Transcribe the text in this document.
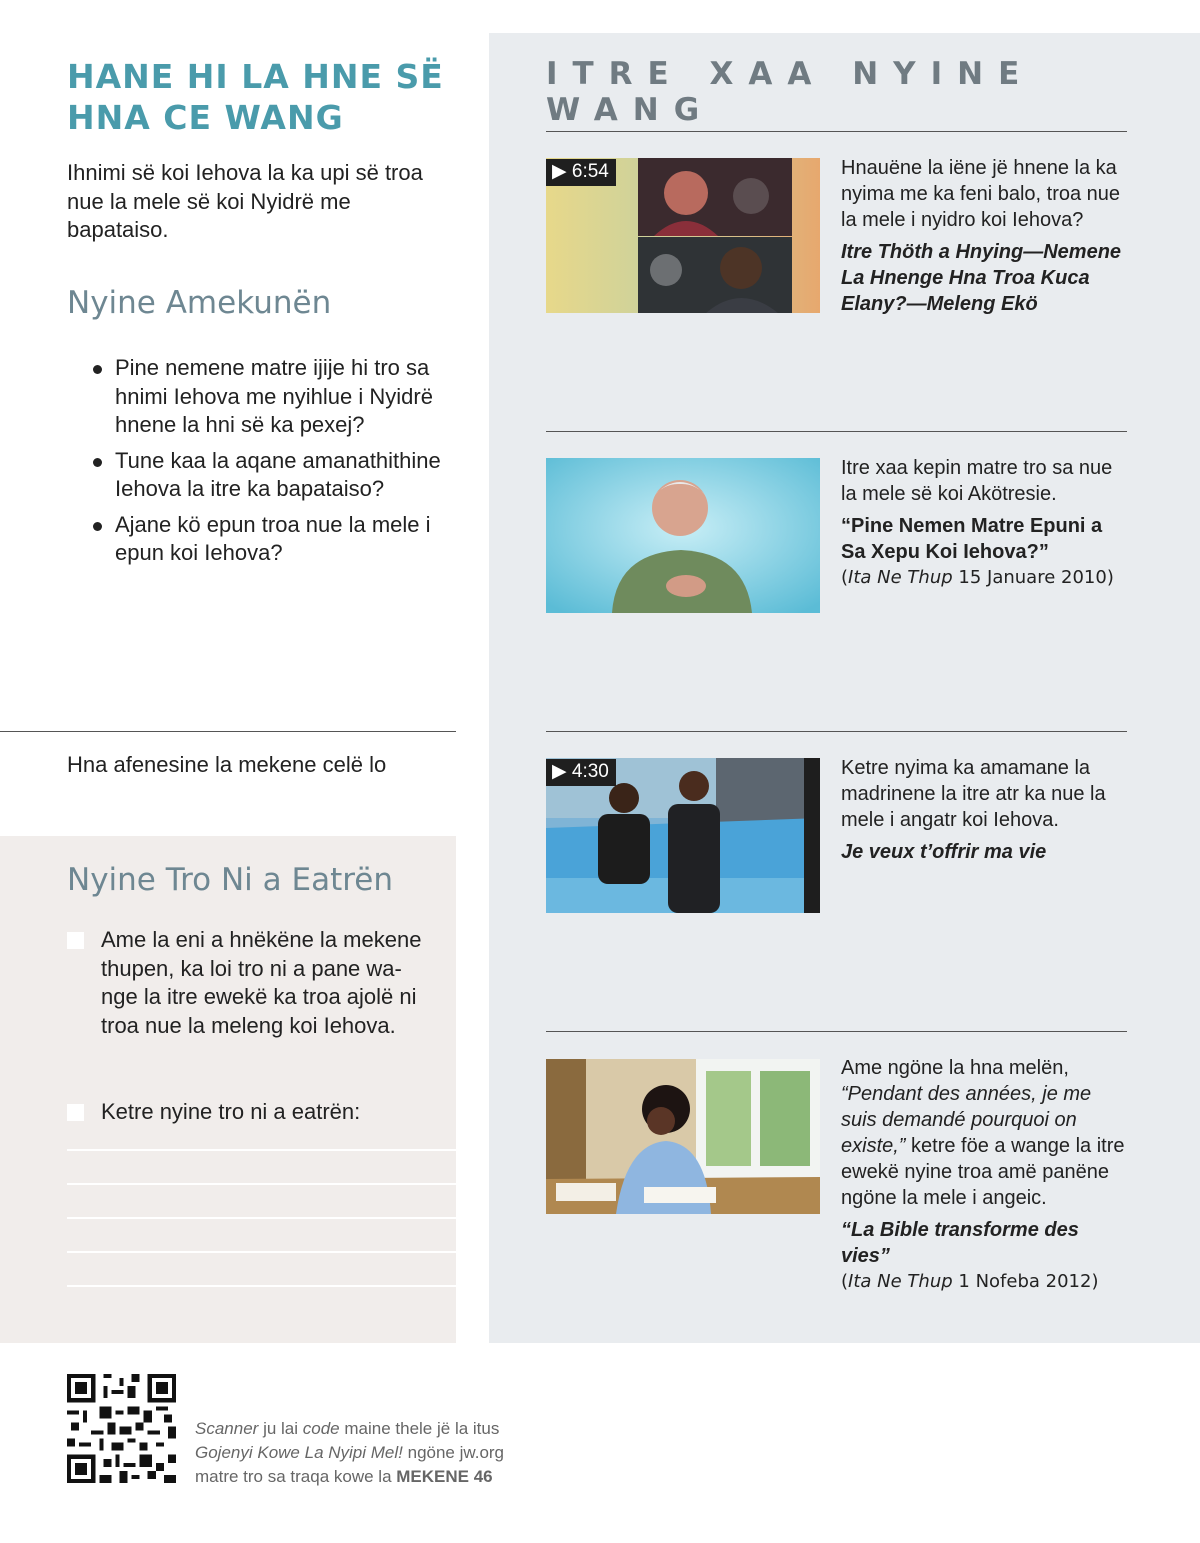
HANE HI LA HNE SË HNA CE WANG

Ihnimi së koi Iehova la ka upi së troa nue la mele së koi Nyidrë me bapataiso.

Nyine Amekunën
Pine nemene matre ijije hi tro sa hnimi Iehova me nyihlue i Nyidrë hnene la hni së ka pexej?
Tune kaa la aqane amanathithine Iehova la itre ka bapataiso?
Ajane kö epun troa nue la mele i epun koi Iehova?
Hna afenesine la mekene celë lo
Nyine Tro Ni a Eatrën
Ame la eni a hnëkëne la mekene thupen, ka loi tro ni a pane wa-nge la itre ewekë ka troa ajolë ni troa nue la meleng koi Iehova.
Ketre nyine tro ni a eatrën:
ITRE XAA NYINE WANG
▶ 6:54	Hnauëne la iëne jë hnene la ka nyima me ka feni balo, troa nue la mele i nyidro koi Iehova?
Itre Thöth a Hnying—Nemene La Hnenge Hna Troa Kuca Elany?—Meleng Ekö
Itre xaa kepin matre tro sa nue la mele së koi Akötresie.
“Pine Nemen Matre Epuni a Sa Xepu Koi Iehova?”
(Ita Ne Thup 15 Januare 2010)
▶ 4:30	Ketre nyima ka amamane la madrinene la itre atr ka nue la mele i angatr koi Iehova.
Je veux t’offrir ma vie
Ame ngöne la hna melën, “Pendant des années, je me suis demandé pourquoi on existe,” ketre föe a wange la itre ewekë nyine troa amë panëne ngöne la mele i angeic.
“La Bible transforme des vies”
(Ita Ne Thup 1 Nofeba 2012)
Scanner ju lai code maine thele jë la itus
Gojenyi Kowe La Nyipi Mel! ngöne jw.org
matre tro sa traqa kowe la MEKENE 46
